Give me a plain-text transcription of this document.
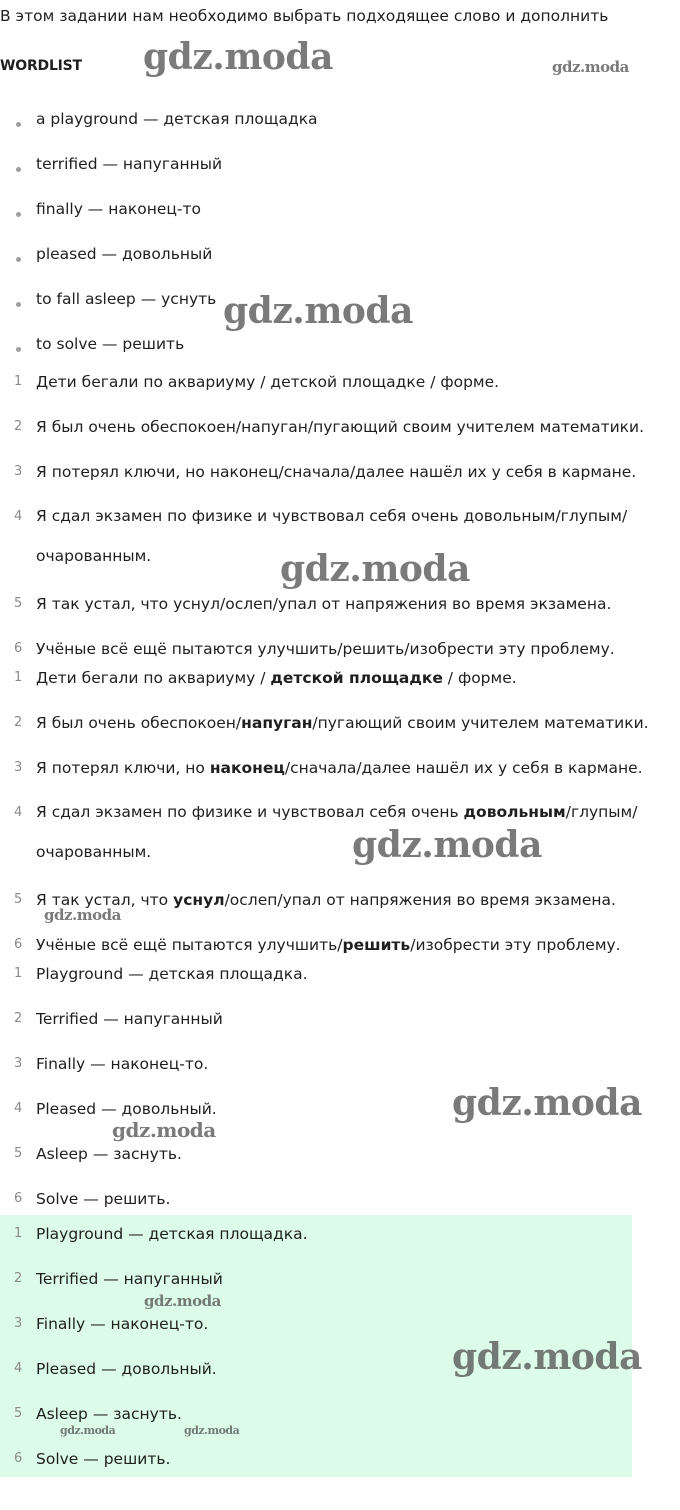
В этом задании нам необходимо выбрать подходящее слово и дополнить
WORDLIST
a playground — детская площадка
terrified — напуганный
finally — наконец-то
pleased — довольный
to fall asleep — уснуть
to solve — решить
1 Дети бегали по аквариуму / детской площадке / форме.
2 Я был очень обеспокоен/напуган/пугающий своим учителем математики.
3 Я потерял ключи, но наконец/сначала/далее нашёл их у себя в кармане.
4 Я сдал экзамен по физике и чувствовал себя очень довольным/глупым/ очарованным.
5 Я так устал, что уснул/ослеп/упал от напряжения во время экзамена.
6 Учёные всё ещё пытаются улучшить/решить/изобрести эту проблему.
1 Дети бегали по аквариуму / детской площадке / форме.
2 Я был очень обеспокоен/напуган/пугающий своим учителем математики.
3 Я потерял ключи, но наконец/сначала/далее нашёл их у себя в кармане.
4 Я сдал экзамен по физике и чувствовал себя очень довольным/глупым/ очарованным.
5 Я так устал, что уснул/ослеп/упал от напряжения во время экзамена.
6 Учёные всё ещё пытаются улучшить/решить/изобрести эту проблему.
1 Playground — детская площадка.
2 Terrified — напуганный
3 Finally — наконец-то.
4 Pleased — довольный.
5 Asleep — заснуть.
6 Solve — решить.
1 Playground — детская площадка.
2 Terrified — напуганный
3 Finally — наконец-то.
4 Pleased — довольный.
5 Asleep — заснуть.
6 Solve — решить.
gdz.moda	gdz.moda
gdz.moda
gdz.moda
gdz.moda
gdz.moda
gdz.moda
gdz.moda
gdz.moda
gdz.moda
gdz.moda	gdz.moda
